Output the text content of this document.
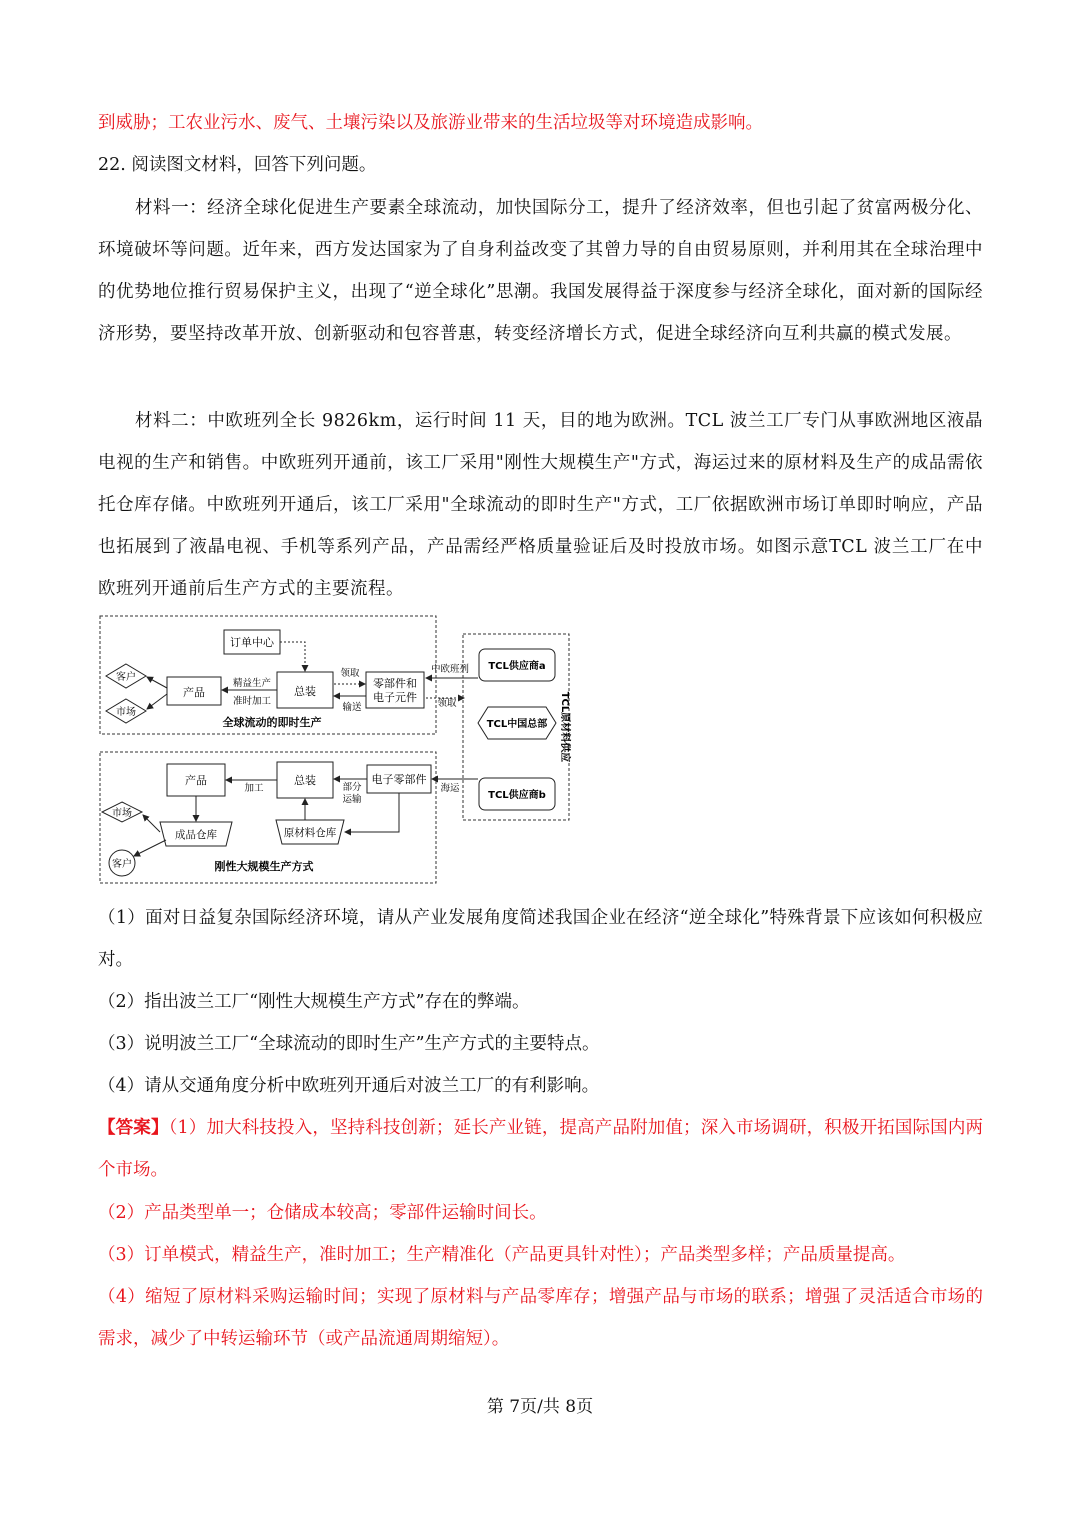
到威胁；工农业污水、废气、土壤污染以及旅游业带来的生活垃圾等对环境造成影响。
22. 阅读图文材料，回答下列问题。
材料一：经济全球化促进生产要素全球流动，加快国际分工，提升了经济效率，但也引起了贫富两极分化、环境破坏等问题。近年来，西方发达国家为了自身利益改变了其曾力导的自由贸易原则，并利用其在全球治理中的优势地位推行贸易保护主义，出现了“逆全球化”思潮。我国发展得益于深度参与经济全球化，面对新的国际经济形势，要坚持改革开放、创新驱动和包容普惠，转变经济增长方式，促进全球经济向互利共赢的模式发展。
材料二：中欧班列全长 9826km，运行时间 11 天，目的地为欧洲。TCL 波兰工厂专门从事欧洲地区液晶电视的生产和销售。中欧班列开通前，该工厂采用"刚性大规模生产"方式，海运过来的原材料及生产的成品需依托仓库存储。中欧班列开通后，该工厂采用"全球流动的即时生产"方式，工厂依据欧洲市场订单即时响应，产品也拓展到了液晶电视、手机等系列产品，产品需经严格质量验证后及时投放市场。如图示意TCL 波兰工厂在中欧班列开通前后生产方式的主要流程。
订单中心
产品	总装
零部件和
电子元件
客户
市场
精益生产
准时加工
领取
输送
全球流动的即时生产
中欧班列
领取
TCL供应商a
TCL中国总部
TCL供应商b
TCL原材料供应
产品	总装	电子零部件
加工	部分
运输
海运
原材料仓库
成品仓库
市场
客户	刚性大规模生产方式
（1）面对日益复杂国际经济环境，请从产业发展角度简述我国企业在经济“逆全球化”特殊背景下应该如何积极应对。
（2）指出波兰工厂“刚性大规模生产方式”存在的弊端。
（3）说明波兰工厂“全球流动的即时生产”生产方式的主要特点。
（4）请从交通角度分析中欧班列开通后对波兰工厂的有利影响。
【答案】（1）加大科技投入，坚持科技创新；延长产业链，提高产品附加值；深入市场调研，积极开拓国际国内两个市场。
（2）产品类型单一；仓储成本较高；零部件运输时间长。
（3）订单模式，精益生产，准时加工；生产精准化（产品更具针对性）；产品类型多样；产品质量提高。
（4）缩短了原材料采购运输时间；实现了原材料与产品零库存；增强产品与市场的联系；增强了灵活适合市场的需求，减少了中转运输环节（或产品流通周期缩短）。
第 7页/共 8页
